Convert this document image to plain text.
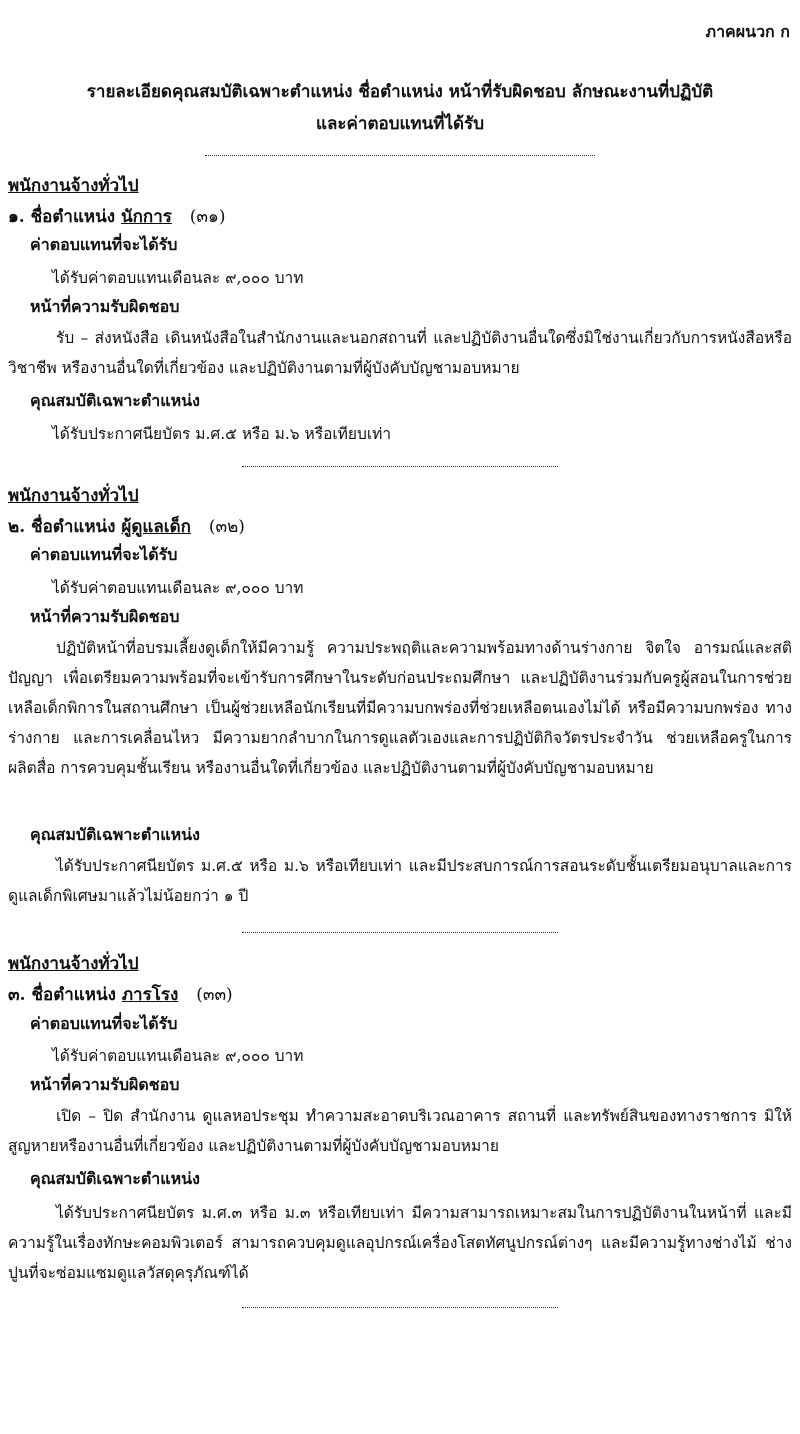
ภาคผนวก ก
รายละเอียดคุณสมบัติเฉพาะตำแหน่ง ชื่อตำแหน่ง หน้าที่รับผิดชอบ ลักษณะงานที่ปฏิบัติ
และค่าตอบแทนที่ได้รับ
พนักงานจ้างทั่วไป
๑. ชื่อตำแหน่ง นักการ (๓๑)
ค่าตอบแทนที่จะได้รับ
ได้รับค่าตอบแทนเดือนละ ๙,๐๐๐ บาท
หน้าที่ความรับผิดชอบ

รับ – ส่งหนังสือ เดินหนังสือในสำนักงานและนอกสถานที่ และปฏิบัติงานอื่นใดซึ่งมิใช่งานเกี่ยวกับการหนังสือหรือวิชาชีพ หรืองานอื่นใดที่เกี่ยวข้อง และปฏิบัติงานตามที่ผู้บังคับบัญชามอบหมาย

คุณสมบัติเฉพาะตำแหน่ง
ได้รับประกาศนียบัตร ม.ศ.๕ หรือ ม.๖ หรือเทียบเท่า
พนักงานจ้างทั่วไป
๒. ชื่อตำแหน่ง ผู้ดูแลเด็ก (๓๒)
ค่าตอบแทนที่จะได้รับ
ได้รับค่าตอบแทนเดือนละ ๙,๐๐๐ บาท
หน้าที่ความรับผิดชอบ

ปฏิบัติหน้าที่อบรมเลี้ยงดูเด็กให้มีความรู้ ความประพฤติและความพร้อมทางด้านร่างกาย จิตใจ อารมณ์และสติปัญญา เพื่อเตรียมความพร้อมที่จะเข้ารับการศึกษาในระดับก่อนประถมศึกษา และปฏิบัติงานร่วมกับครูผู้สอนในการช่วยเหลือเด็กพิการในสถานศึกษา เป็นผู้ช่วยเหลือนักเรียนที่มีความบกพร่องที่ช่วยเหลือตนเองไม่ได้ หรือมีความบกพร่อง ทางร่างกาย และการเคลื่อนไหว มีความยากลำบากในการดูแลตัวเองและการปฏิบัติกิจวัตรประจำวัน ช่วยเหลือครูในการผลิตสื่อ การควบคุมชั้นเรียน หรืองานอื่นใดที่เกี่ยวข้อง และปฏิบัติงานตามที่ผู้บังคับบัญชามอบหมาย

คุณสมบัติเฉพาะตำแหน่ง

ได้รับประกาศนียบัตร ม.ศ.๕ หรือ ม.๖ หรือเทียบเท่า และมีประสบการณ์การสอนระดับชั้นเตรียมอนุบาลและการดูแลเด็กพิเศษมาแล้วไม่น้อยกว่า ๑ ปี

พนักงานจ้างทั่วไป
๓. ชื่อตำแหน่ง ภารโรง (๓๓)
ค่าตอบแทนที่จะได้รับ
ได้รับค่าตอบแทนเดือนละ ๙,๐๐๐ บาท
หน้าที่ความรับผิดชอบ

เปิด – ปิด สำนักงาน ดูแลหอประชุม ทำความสะอาดบริเวณอาคาร สถานที่ และทรัพย์สินของทางราชการ มิให้สูญหายหรืองานอื่นที่เกี่ยวข้อง และปฏิบัติงานตามที่ผู้บังคับบัญชามอบหมาย

คุณสมบัติเฉพาะตำแหน่ง

ได้รับประกาศนียบัตร ม.ศ.๓ หรือ ม.๓ หรือเทียบเท่า มีความสามารถเหมาะสมในการปฏิบัติงานในหน้าที่ และมีความรู้ในเรื่องทักษะคอมพิวเตอร์ สามารถควบคุมดูแลอุปกรณ์เครื่องโสตทัศนูปกรณ์ต่างๆ และมีความรู้ทางช่างไม้ ช่างปูนที่จะซ่อมแซมดูแลวัสดุครุภัณฑ์ได้
